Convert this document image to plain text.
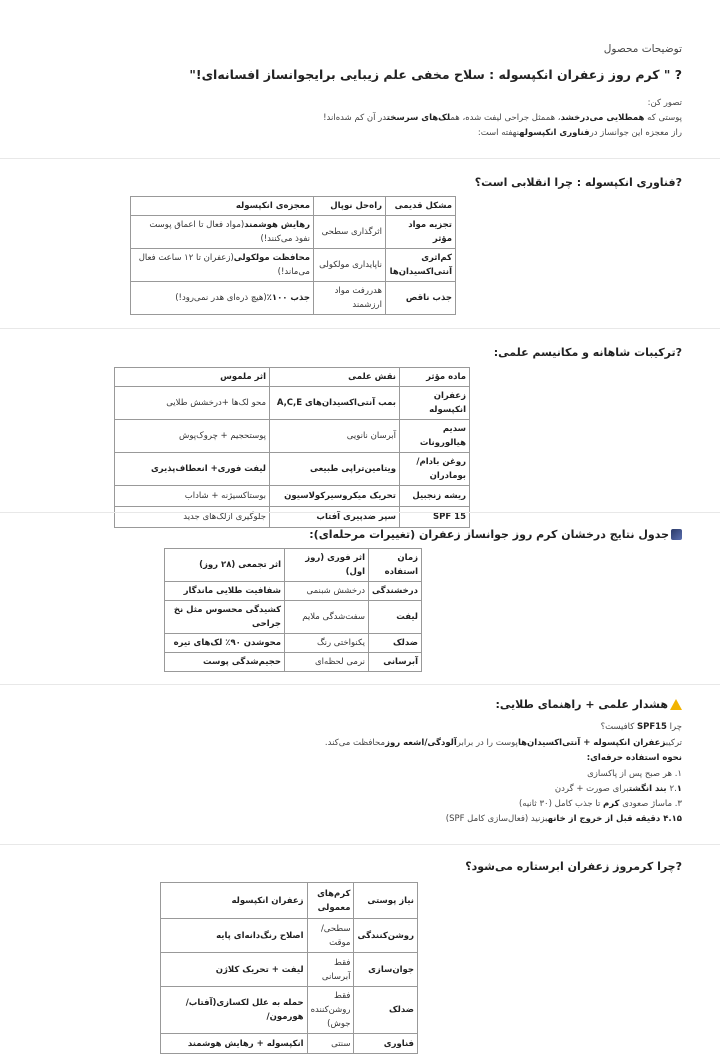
توضیحات محصول
? " کرم روز زعفران انکپسوله : سلاح مخفی علم زیبایی برایجوانساز افسانه‌ای!"
تصور کن:
پوستی که همطلایی می‌درخشد، هممثل جراحی لیفت شده، هملک‌های سرسختدر آن کم شده‌اند!
راز معجزه این جوانساز درفناوری انکپسولهنهفته است:
?فناوری انکپسوله : چرا انقلابی است؟
مشکل قدیمی	راه‌حل نوپال	معجزه‌ی انکپسوله
تجزیه مواد مؤثر	اثرگذاری سطحی	رهایش هوشمند(مواد فعال تا اعماق پوست نفوذ می‌کنند!)
کم‌اثری آنتی‌اکسیدان‌ها	ناپایداری مولکولی	محافظت مولکولی(زعفران تا ۱۲ ساعت فعال می‌ماند!)
جذب ناقص	هدررفت مواد ارزشمند	جذب ۱۰۰٪(هیچ ذره‌ای هدر نمی‌رود!)
?ترکیبات شاهانه و مکانیسم علمی:
ماده مؤثر	نقش علمی	اثر ملموس
زعفران انکپسوله	بمب آنتی‌اکسیدان‌های A,C,E	محو لک‌ها +درخشش طلایی
سدیم هیالورونات	آبرسان نانویی	پوستحجیم + چروک‌پوش
روغن بادام/بومادران	ویتامین‌تراپی طبیعی	لیفت فوری+ انعطاف‌پذیری
ریشه زنجبیل	تحریک میکروسیرکولاسیون	بوستاکسیژنه + شاداب
SPF 15	سپر ضدپیری آفتاب	جلوگیری ازلک‌های جدید
جدول نتایج درخشان کرم روز جوانساز زعفران (تغییرات مرحله‌ای):
زمان استفاده	اثر فوری (روز اول)	اثر تجمعی (۲۸ روز)
درخشندگی	درخشش شبنمی	شفافیت طلایی ماندگار
لیفت	سفت‌شدگی ملایم	کشیدگی محسوس مثل نخ جراحی
ضدلک	یکنواختی رنگ	محوشدن ۹۰٪ لک‌های تیره
آبرسانی	نرمی لحظه‌ای	حجیم‌شدگی پوست
هشدار علمی + راهنمای طلایی:
چرا SPF15 کافیست؟
ترکیبزعفران انکپسوله + آنتی‌اکسیدان‌هاپوست را در برابرآلودگی/اشعه روزمحافظت می‌کند.
نحوه استفاده حرفه‌ای:
۱. هر صبح پس از پاکسازی
۲.۱ بند انگشتبرای صورت + گردن
۳. ماساژ صعودی کرم تا جذب کامل (۳۰ ثانیه)
۴.۱۵ دقیقه قبل از خروج از خانهبزنید (فعال‌سازی کامل SPF)
?چرا کرمروز زعفران ابرستاره می‌شود؟
نیاز پوستی	کرم‌های معمولی	زعفران انکپسوله
روشن‌کنندگی	سطحی/ موقت	اصلاح رنگ‌دانه‌ای پایه
جوان‌سازی	فقط آبرسانی	لیفت + تحریک کلاژن
ضدلک	فقط روشن‌کننده جوش)	حمله به علل لکسازی(آفتاب/هورمون/
فناوری	سنتی	انکپسوله + رهایش هوشمند
